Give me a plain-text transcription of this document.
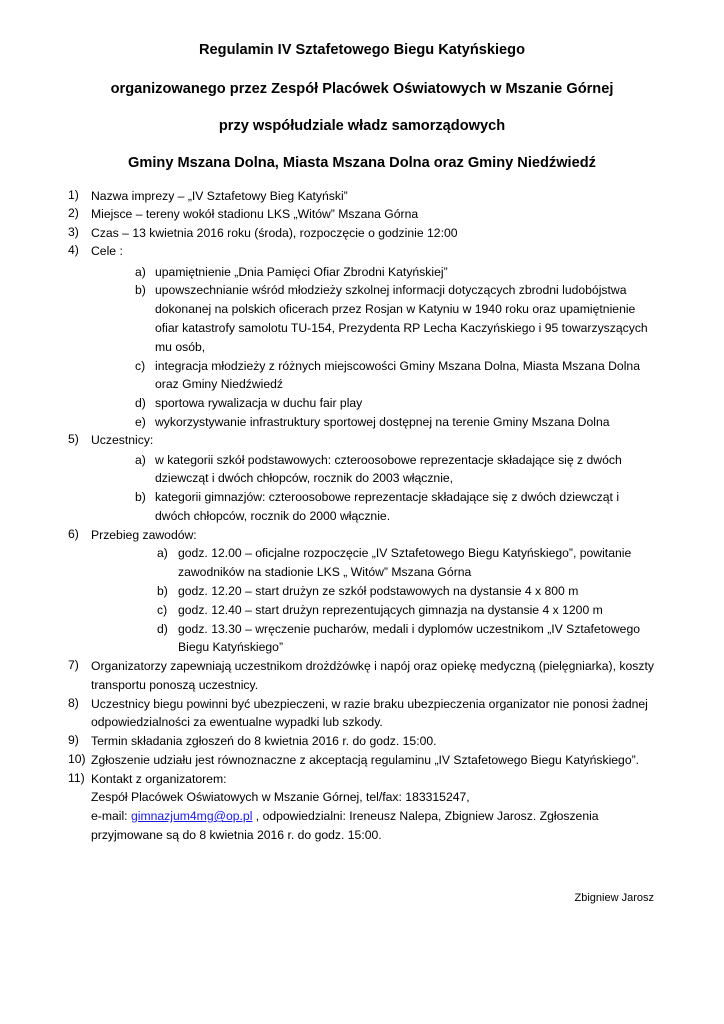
Regulamin IV Sztafetowego Biegu Katyńskiego
organizowanego przez Zespół Placówek Oświatowych w Mszanie Górnej
przy współudziale władz samorządowych
Gminy Mszana Dolna, Miasta Mszana Dolna oraz Gminy Niedźwiedź
1) Nazwa imprezy – „IV Sztafetowy Bieg Katyński”
2) Miejsce – tereny wokół stadionu LKS „Witów” Mszana Górna
3) Czas – 13 kwietnia 2016 roku (środa), rozpoczęcie o godzinie 12:00
4) Cele :
a) upamiętnienie „Dnia Pamięci Ofiar Zbrodni Katyńskiej”
b) upowszechnianie wśród młodzieży szkolnej informacji dotyczących zbrodni ludobójstwa
dokonanej na polskich oficerach przez Rosjan w Katyniu w 1940 roku oraz upamiętnienie
ofiar katastrofy samolotu TU-154, Prezydenta RP Lecha Kaczyńskiego i 95 towarzyszących
mu osób,
c) integracja młodzieży z różnych miejscowości Gminy Mszana Dolna, Miasta Mszana Dolna
oraz Gminy Niedźwiedź
d) sportowa rywalizacja w duchu fair play
e) wykorzystywanie infrastruktury sportowej dostępnej na terenie Gminy Mszana Dolna
5) Uczestnicy:
a) w kategorii szkół podstawowych: czteroosobowe reprezentacje składające się z dwóch
dziewcząt i dwóch chłopców, rocznik do 2003 włącznie,
b) kategorii gimnazjów: czteroosobowe reprezentacje składające się z dwóch dziewcząt i
dwóch chłopców, rocznik do 2000 włącznie.
6) Przebieg zawodów:
a) godz. 12.00 – oficjalne rozpoczęcie „IV Sztafetowego Biegu Katyńskiego”, powitanie
zawodników na stadionie LKS „ Witów” Mszana Górna
b) godz. 12.20 – start drużyn ze szkół podstawowych na dystansie 4 x 800 m
c) godz. 12.40 – start drużyn reprezentujących gimnazja na dystansie 4 x 1200 m
d) godz. 13.30 – wręczenie pucharów, medali i dyplomów uczestnikom „IV Sztafetowego
Biegu Katyńskiego”
7) Organizatorzy zapewniają uczestnikom drożdżówkę i napój oraz opiekę medyczną (pielęgniarka), koszty
transportu ponoszą uczestnicy.
8) Uczestnicy biegu powinni być ubezpieczeni, w razie braku ubezpieczenia organizator nie ponosi żadnej
odpowiedzialności za ewentualne wypadki lub szkody.
9) Termin składania zgłoszeń do 8 kwietnia 2016 r. do godz. 15:00.
10) Zgłoszenie udziału jest równoznaczne z akceptacją regulaminu „IV Sztafetowego Biegu Katyńskiego”.
11) Kontakt z organizatorem:
Zespół Placówek Oświatowych w Mszanie Górnej, tel/fax: 183315247,
e-mail: gimnazjum4mg@op.pl , odpowiedzialni: Ireneusz Nalepa, Zbigniew Jarosz. Zgłoszenia
przyjmowane są do 8 kwietnia 2016 r. do godz. 15:00.
Zbigniew Jarosz
